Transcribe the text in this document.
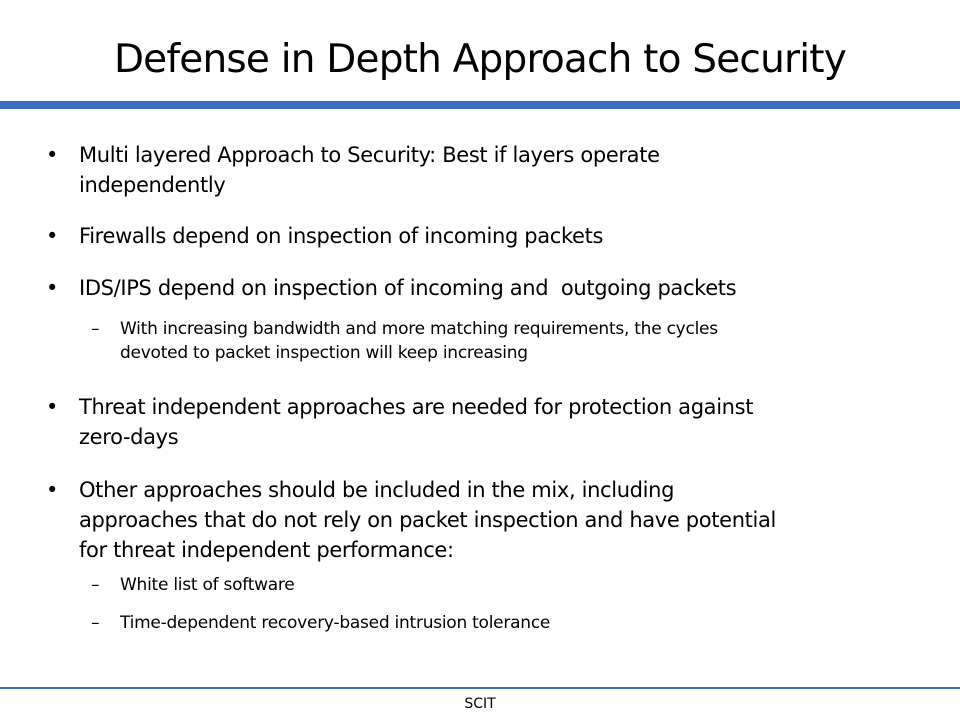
Defense in Depth Approach to Security
• Multi layered Approach to Security: Best if layers operate
independently
• Firewalls depend on inspection of incoming packets
• IDS/IPS depend on inspection of incoming and  outgoing packets
– With increasing bandwidth and more matching requirements, the cycles
devoted to packet inspection will keep increasing
• Threat independent approaches are needed for protection against
zero-days
• Other approaches should be included in the mix, including
approaches that do not rely on packet inspection and have potential
for threat independent performance:
– White list of software
– Time-dependent recovery-based intrusion tolerance
SCIT
